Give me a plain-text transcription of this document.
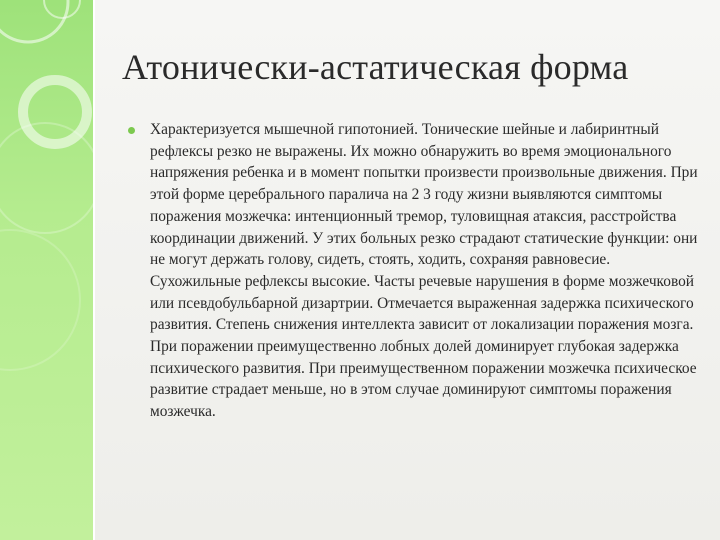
Атонически-астатическая форма
Характеризуется мышечной гипотонией. Тонические шейные и лабиринтный рефлексы резко не выражены. Их можно обнаружить во время эмоционального напряжения ребенка и в момент попытки произвести произвольные движения. При этой форме церебрального паралича на 2 3 году жизни выявляются симптомы поражения мозжечка: интенционный тремор, туловищная атаксия, расстройства координации движений. У этих больных резко страдают статические функции: они не могут держать голову, сидеть, стоять, ходить, сохраняя равновесие. Сухожильные рефлексы высокие. Часты речевые нарушения в форме мозжечковой или псевдобульбарной дизартрии. Отмечается выраженная задержка психического развития. Степень снижения интеллекта зависит от локализации поражения мозга. При поражении преимущественно лобных долей доминирует глубокая задержка психического развития. При преимущественном поражении мозжечка психическое развитие страдает меньше, но в этом случае доминируют симптомы поражения мозжечка.
